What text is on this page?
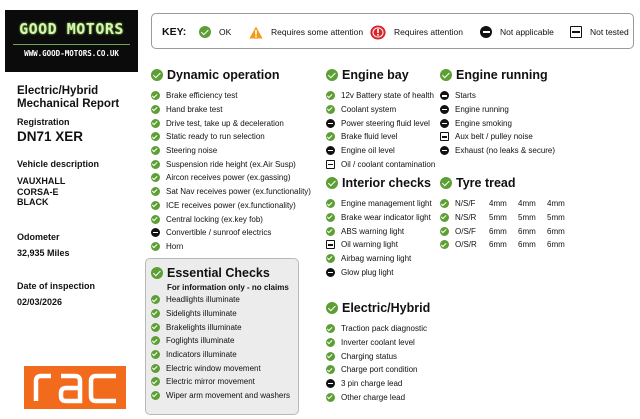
GOOD MOTORS
WWW.GOOD-MOTORS.CO.UK
Electric/Hybrid
Mechanical Report
Registration
DN71 XER
Vehicle description
VAUXHALL
CORSA-E
BLACK
Odometer
32,935 Miles
Date of inspection
02/03/2026
KEY:	OK	Requires some attention	Requires attention	Not applicable	Not tested
Dynamic operation
Brake efficiency test
Hand brake test
Drive test, take up & deceleration
Static ready to run selection
Steering noise
Suspension ride height (ex.Air Susp)
Aircon receives power (ex.gassing)
Sat Nav receives power (ex.functionality)
ICE receives power (ex.functionality)
Central locking (ex.key fob)
Convertible / sunroof electrics
Horn
Essential Checks
For information only - no claims
Headlights illuminate
Sidelights illuminate
Brakelights illuminate
Foglights illuminate
Indicators illuminate
Electric window movement
Electric mirror movement
Wiper arm movement and washers
Engine bay
12v Battery state of health
Coolant system
Power steering fluid level
Brake fluid level
Engine oil level
Oil / coolant contamination
Interior checks
Engine management light
Brake wear indicator light
ABS warning light
Oil warning light
Airbag warning light
Glow plug light
Electric/Hybrid
Traction pack diagnostic
Inverter coolant level
Charging status
Charge port condition
3 pin charge lead
Other charge lead
Engine running
Starts
Engine running
Engine smoking
Aux belt / pulley noise
Exhaust (no leaks & secure)
Tyre tread
N/S/F	4mm	4mm	4mm
N/S/R	5mm	5mm	5mm
O/S/F	6mm	6mm	6mm
O/S/R	6mm	6mm	6mm
